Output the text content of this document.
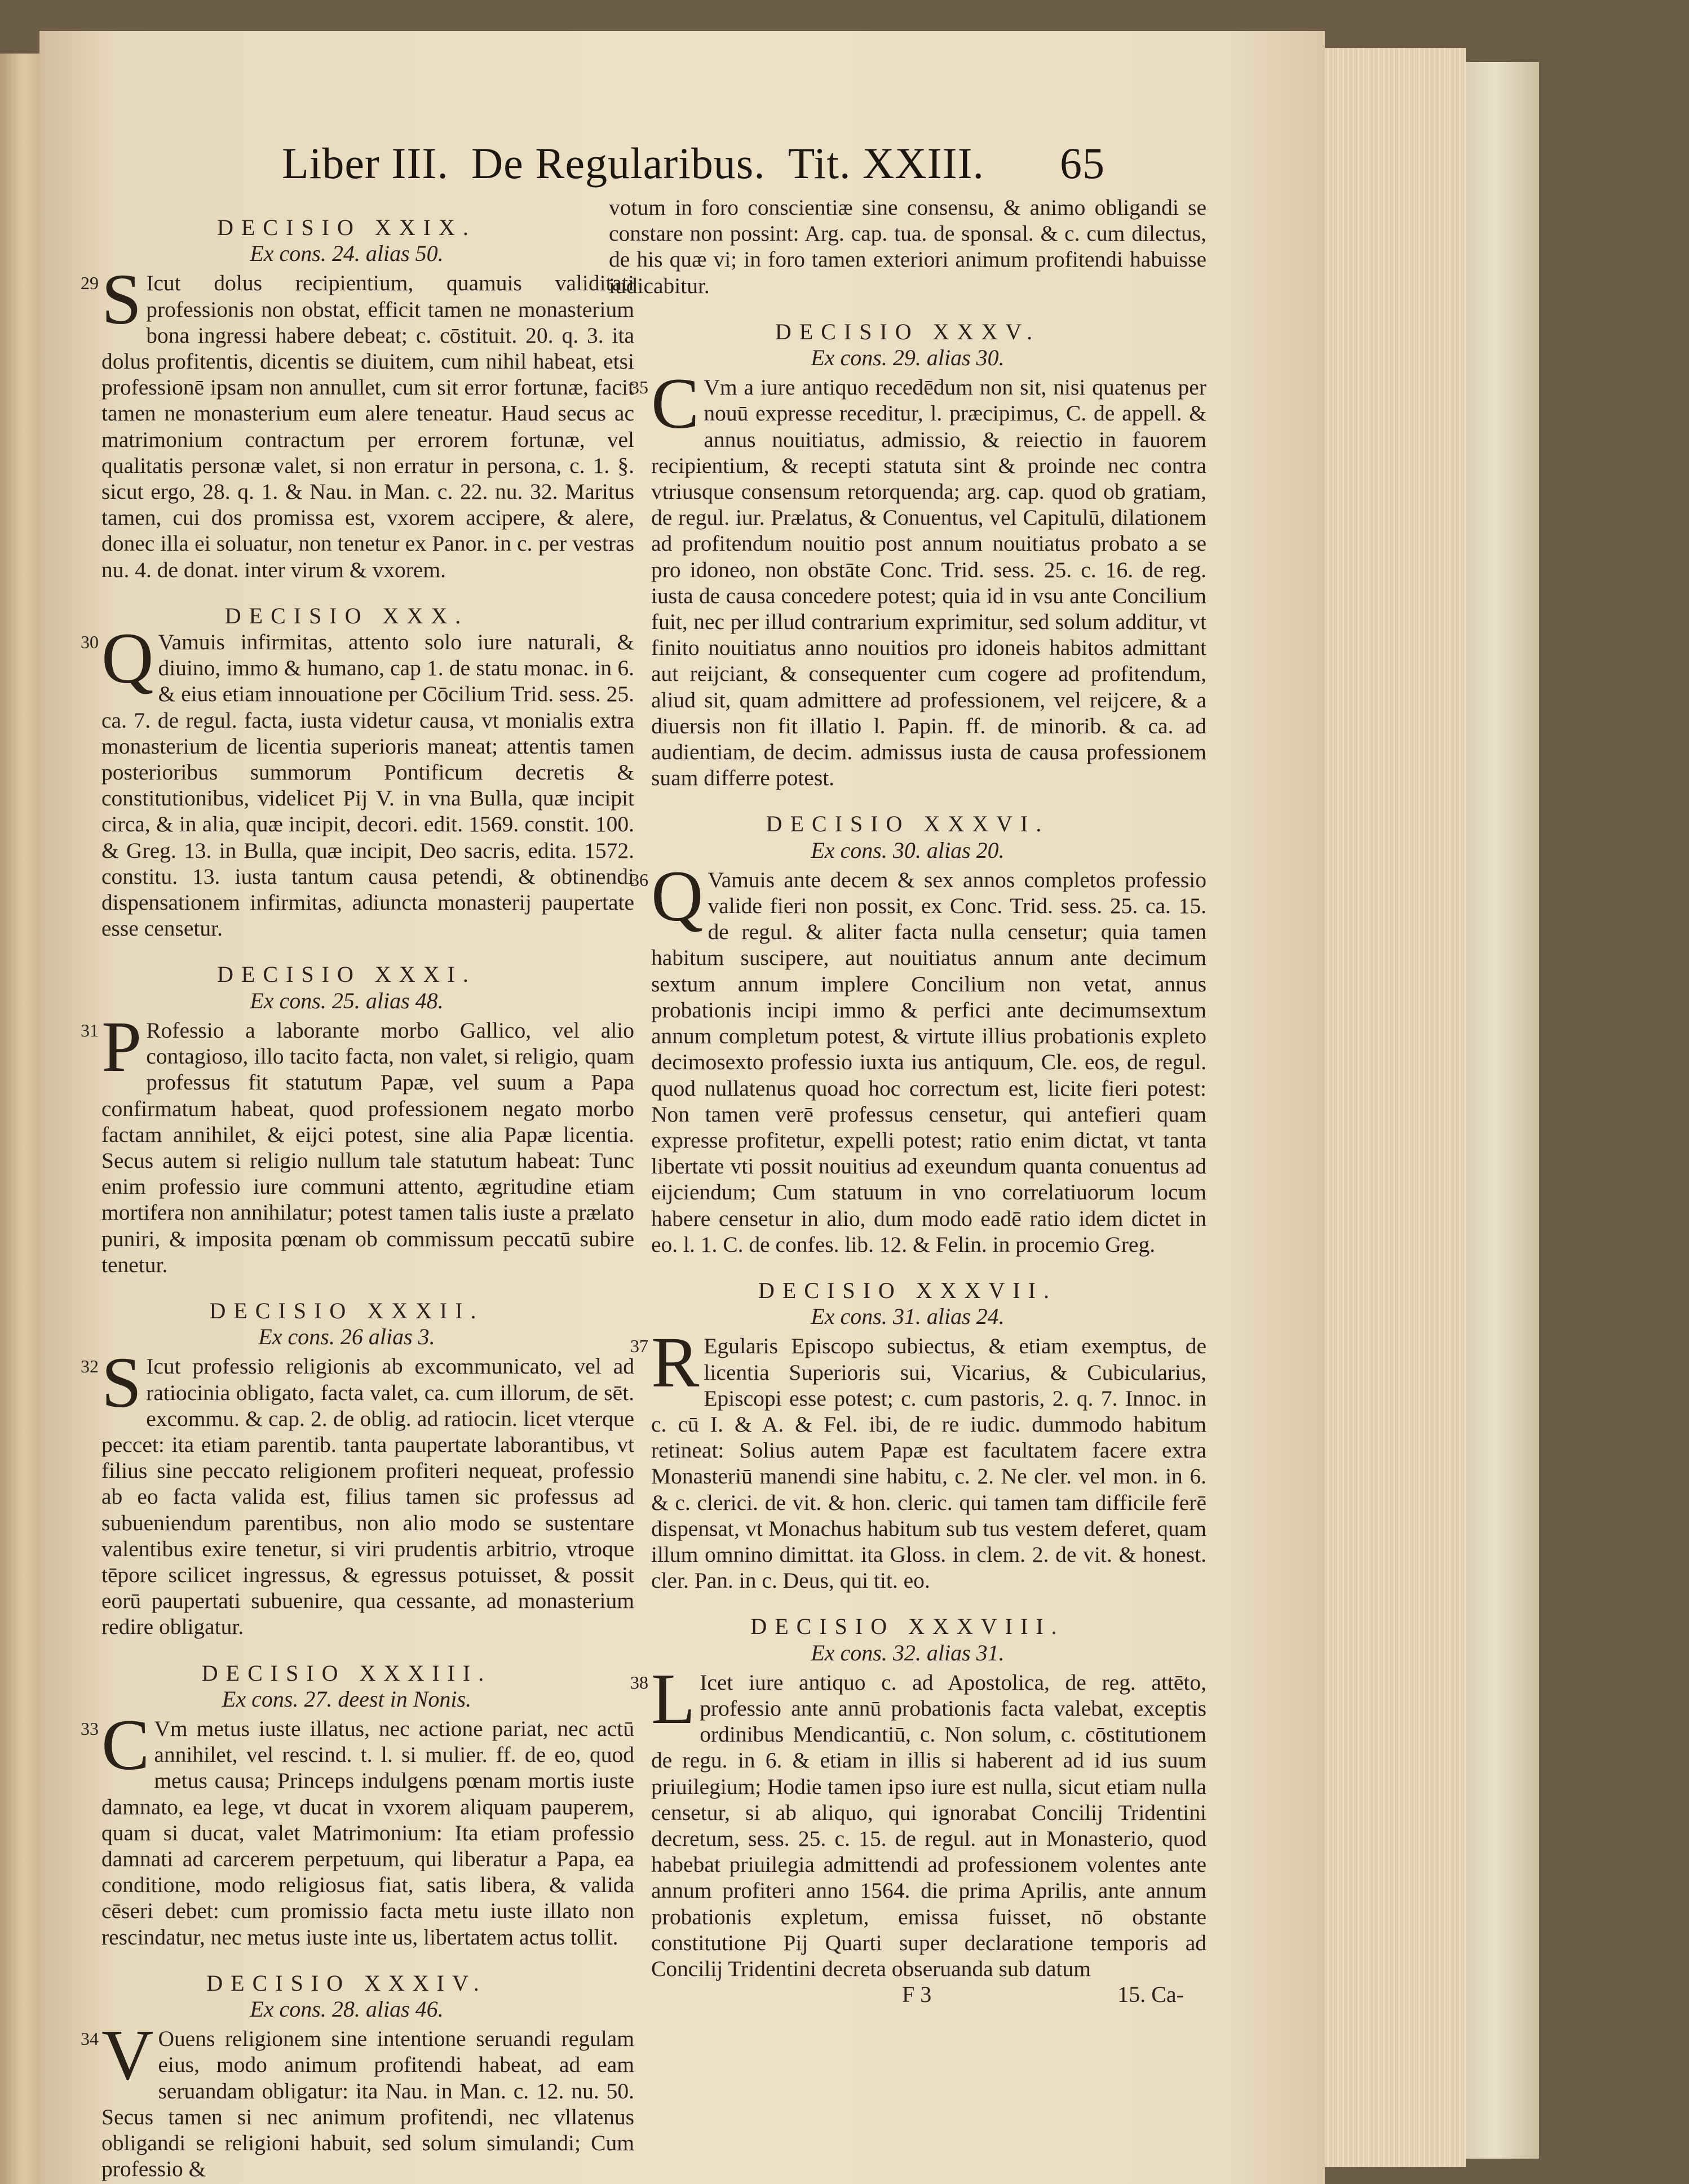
Liber III. De Regularibus. Tit. XXIII. 65
DECISIO XXIX.
Ex cons. 24. alias 50.
29 S Icut dolus recipientium, quamuis validitati professionis non obstat, efficit tamen ne monasterium bona ingressi habere debeat; c. cōstituit. 20. q. 3. ita dolus profitentis, dicentis se diuitem, cum nihil habeat, etsi professionē ipsam non annullet, cum sit error fortunæ, facit tamen ne monasterium eum alere teneatur. Haud secus ac matrimonium contractum per errorem fortunæ, vel qualitatis personæ valet, si non erratur in persona, c. 1. §. sicut ergo, 28. q. 1. & Nau. in Man. c. 22. nu. 32. Maritus tamen, cui dos promissa est, vxorem accipere, & alere, donec illa ei soluatur, non tenetur ex Panor. in c. per vestras nu. 4. de donat. inter virum & vxorem.
DECISIO XXX.
30 Q Vamuis infirmitas, attento solo iure naturali, & diuino, immo & humano, cap 1. de statu monac. in 6. & eius etiam innouatione per Cōcilium Trid. sess. 25. ca. 7. de regul. facta, iusta videtur causa, vt monialis extra monasterium de licentia superioris maneat; attentis tamen posterioribus summorum Pontificum decretis & constitutionibus, videlicet Pij V. in vna Bulla, quæ incipit circa, & in alia, quæ incipit, decori. edit. 1569. constit. 100. & Greg. 13. in Bulla, quæ incipit, Deo sacris, edita. 1572. constitu. 13. iusta tantum causa petendi, & obtinendi dispensationem infirmitas, adiuncta monasterij paupertate esse censetur.
DECISIO XXXI.
Ex cons. 25. alias 48.
31 P Rofessio a laborante morbo Gallico, vel alio contagioso, illo tacito facta, non valet, si religio, quam professus fit statutum Papæ, vel suum a Papa confirmatum habeat, quod professionem negato morbo factam annihilet, & eijci potest, sine alia Papæ licentia. Secus autem si religio nullum tale statutum habeat: Tunc enim professio iure communi attento, ægritudine etiam mortifera non annihilatur; potest tamen talis iuste a prælato puniri, & imposita pœnam ob commissum peccatū subire tenetur.
DECISIO XXXII.
Ex cons. 26 alias 3.
32 S Icut professio religionis ab excommunicato, vel ad ratiocinia obligato, facta valet, ca. cum illorum, de sēt. excommu. & cap. 2. de oblig. ad ratiocin. licet vterque peccet: ita etiam parentib. tanta paupertate laborantibus, vt filius sine peccato religionem profiteri nequeat, professio ab eo facta valida est, filius tamen sic professus ad subueniendum parentibus, non alio modo se sustentare valentibus exire tenetur, si viri prudentis arbitrio, vtroque tēpore scilicet ingressus, & egressus potuisset, & possit eorū paupertati subuenire, qua cessante, ad monasterium redire obligatur.
DECISIO XXXIII.
Ex cons. 27. deest in Nonis.
33 C Vm metus iuste illatus, nec actione pariat, nec actū annihilet, vel rescind. t. l. si mulier. ff. de eo, quod metus causa; Princeps indulgens pœnam mortis iuste damnato, ea lege, vt ducat in vxorem aliquam pauperem, quam si ducat, valet Matrimonium: Ita etiam professio damnati ad carcerem perpetuum, qui liberatur a Papa, ea conditione, modo religiosus fiat, satis libera, & valida cēseri debet: cum promissio facta metu iuste illato non rescindatur, nec metus iuste inte us, libertatem actus tollit.
DECISIO XXXIV.
Ex cons. 28. alias 46.
34 V Ouens religionem sine intentione seruandi regulam eius, modo animum profitendi habeat, ad eam seruandam obligatur: ita Nau. in Man. c. 12. nu. 50. Secus tamen si nec animum profitendi, nec vllatenus obligandi se religioni habuit, sed solum simulandi; Cum professio &
votum in foro conscientiæ sine consensu, & animo obligandi se constare non possint: Arg. cap. tua. de sponsal. & c. cum dilectus, de his quæ vi; in foro tamen exteriori animum profitendi habuisse iudicabitur.
DECISIO XXXV.
Ex cons. 29. alias 30.
35 C Vm a iure antiquo recedēdum non sit, nisi quatenus per nouū expresse receditur, l. præcipimus, C. de appell. & annus nouitiatus, admissio, & reiectio in fauorem recipientium, & recepti statuta sint & proinde nec contra vtriusque consensum retorquenda; arg. cap. quod ob gratiam, de regul. iur. Prælatus, & Conuentus, vel Capitulū, dilationem ad profitendum nouitio post annum nouitiatus probato a se pro idoneo, non obstāte Conc. Trid. sess. 25. c. 16. de reg. iusta de causa concedere potest; quia id in vsu ante Concilium fuit, nec per illud contrarium exprimitur, sed solum additur, vt finito nouitiatus anno nouitios pro idoneis habitos admittant aut reijciant, & consequenter cum cogere ad profitendum, aliud sit, quam admittere ad professionem, vel reijcere, & a diuersis non fit illatio l. Papin. ff. de minorib. & ca. ad audientiam, de decim. admissus iusta de causa professionem suam differre potest.
DECISIO XXXVI.
Ex cons. 30. alias 20.
36 Q Vamuis ante decem & sex annos completos professio valide fieri non possit, ex Conc. Trid. sess. 25. ca. 15. de regul. & aliter facta nulla censetur; quia tamen habitum suscipere, aut nouitiatus annum ante decimum sextum annum implere Concilium non vetat, annus probationis incipi immo & perfici ante decimumsextum annum completum potest, & virtute illius probationis expleto decimosexto professio iuxta ius antiquum, Cle. eos, de regul. quod nullatenus quoad hoc correctum est, licite fieri potest: Non tamen verē professus censetur, qui antefieri quam expresse profitetur, expelli potest; ratio enim dictat, vt tanta libertate vti possit nouitius ad exeundum quanta conuentus ad eijciendum; Cum statuum in vno correlatiuorum locum habere censetur in alio, dum modo eadē ratio idem dictet in eo. l. 1. C. de confes. lib. 12. & Felin. in procemio Greg.
DECISIO XXXVII.
Ex cons. 31. alias 24.
37 R Egularis Episcopo subiectus, & etiam exemptus, de licentia Superioris sui, Vicarius, & Cubicularius, Episcopi esse potest; c. cum pastoris, 2. q. 7. Innoc. in c. cū I. & A. & Fel. ibi, de re iudic. dummodo habitum retineat: Solius autem Papæ est facultatem facere extra Monasteriū manendi sine habitu, c. 2. Ne cler. vel mon. in 6. & c. clerici. de vit. & hon. cleric. qui tamen tam difficile ferē dispensat, vt Monachus habitum sub tus vestem deferet, quam illum omnino dimittat. ita Gloss. in clem. 2. de vit. & honest. cler. Pan. in c. Deus, qui tit. eo.
DECISIO XXXVIII.
Ex cons. 32. alias 31.
38 L Icet iure antiquo c. ad Apostolica, de reg. attēto, professio ante annū probationis facta valebat, exceptis ordinibus Mendicantiū, c. Non solum, c. cōstitutionem de regu. in 6. & etiam in illis si haberent ad id ius suum priuilegium; Hodie tamen ipso iure est nulla, sicut etiam nulla censetur, si ab aliquo, qui ignorabat Concilij Tridentini decretum, sess. 25. c. 15. de regul. aut in Monasterio, quod habebat priuilegia admittendi ad professionem volentes ante annum profiteri anno 1564. die prima Aprilis, ante annum probationis expletum, emissa fuisset, nō obstante constitutione Pij Quarti super declaratione temporis ad Concilij Tridentini decreta obseruanda sub datum
F 3	15. Ca-
